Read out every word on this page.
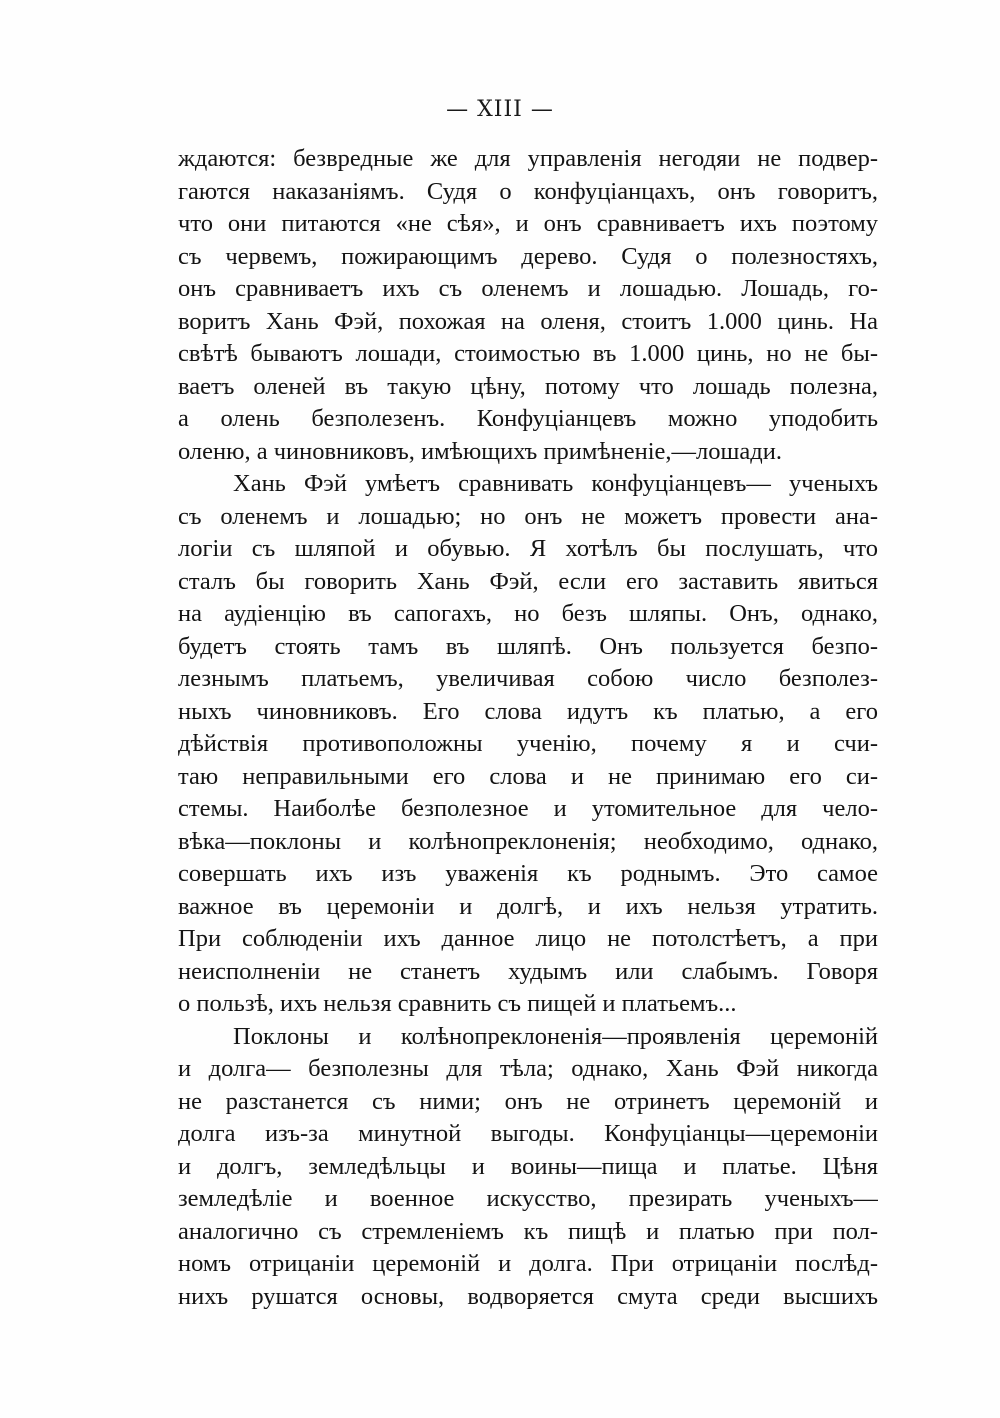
— XIII —
ждаются: безвредные же для управленія негодяи не подвер-
гаются наказаніямъ. Судя о конфуціанцахъ, онъ говоритъ,
что они питаются «не сѣя», и онъ сравниваетъ ихъ поэтому
съ червемъ, пожирающимъ дерево. Судя о полезностяхъ,
онъ сравниваетъ ихъ съ оленемъ и лошадью. Лошадь, го-
воритъ Хань Фэй, похожая на оленя, стоитъ 1.000 цинь. На
свѣтѣ бываютъ лошади, стоимостью въ 1.000 цинь, но не бы-
ваетъ оленей въ такую цѣну, потому что лошадь полезна,
а олень безполезенъ. Конфуціанцевъ можно уподобить
оленю, а чиновниковъ, имѣющихъ примѣненіе,—лошади.
Хань Фэй умѣетъ сравнивать конфуціанцевъ— ученыхъ
съ оленемъ и лошадью; но онъ не можетъ провести ана-
логіи съ шляпой и обувью. Я хотѣлъ бы послушать, что
сталъ бы говорить Хань Фэй, если его заставить явиться
на аудіенцію въ сапогахъ, но безъ шляпы. Онъ, однако,
будетъ стоять тамъ въ шляпѣ. Онъ пользуется безпо-
лезнымъ платьемъ, увеличивая собою число безполез-
ныхъ чиновниковъ. Его слова идутъ къ платью, а его
дѣйствія противоположны ученію, почему я и счи-
таю неправильными его слова и не принимаю его си-
стемы. Наиболѣе безполезное и утомительное для чело-
вѣка—поклоны и колѣнопреклоненія; необходимо, однако,
совершать ихъ изъ уваженія къ роднымъ. Это самое
важное въ церемоніи и долгѣ, и ихъ нельзя утратить.
При соблюденіи ихъ данное лицо не потолстѣетъ, а при
неисполненіи не станетъ худымъ или слабымъ. Говоря
о пользѣ, ихъ нельзя сравнить съ пищей и платьемъ...
Поклоны и колѣнопреклоненія—проявленія церемоній
и долга— безполезны для тѣла; однако, Хань Фэй никогда
не разстанется съ ними; онъ не отринетъ церемоній и
долга изъ-за минутной выгоды. Конфуціанцы—церемоніи
и долгъ, земледѣльцы и воины—пища и платье. Цѣня
земледѣліе и военное искусство, презирать ученыхъ—
аналогично съ стремленіемъ къ пищѣ и платью при пол-
номъ отрицаніи церемоній и долга. При отрицаніи послѣд-
нихъ рушатся основы, водворяется смута среди высшихъ
